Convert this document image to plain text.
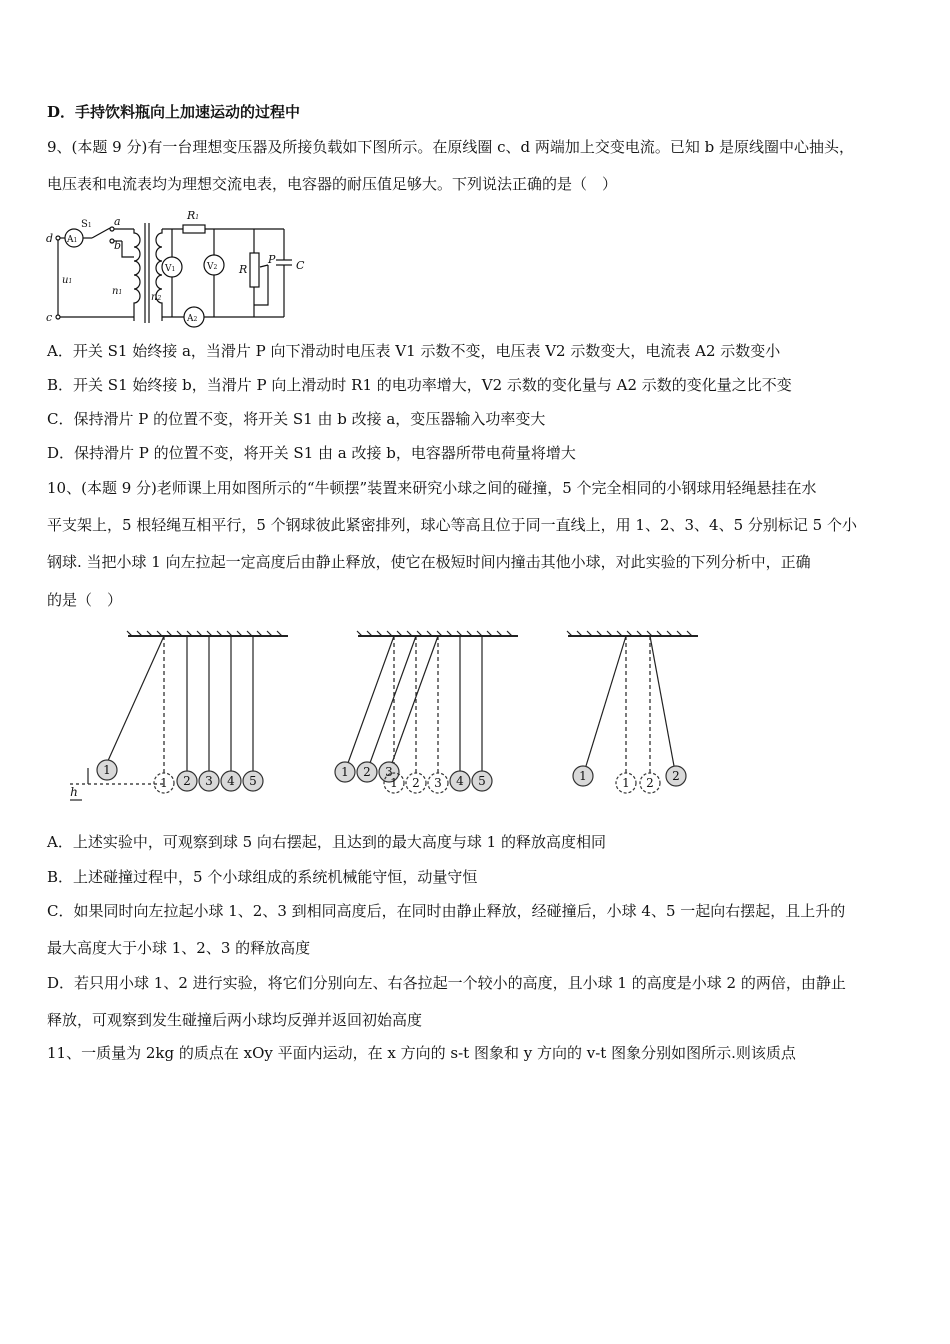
D．手持饮料瓶向上加速运动的过程中
9、(本题 9 分)有一台理想变压器及所接负载如下图所示。在原线圈 c、d 两端加上交变电流。已知 b 是原线圈中心抽头，
电压表和电流表均为理想交流电表，电容器的耐压值足够大。下列说法正确的是（　）
d A1
S1 a
b
u1
n1	n2
V1	V2
R1
R
P C
A2
c
A．开关 S1 始终接 a，当滑片 P 向下滑动时电压表 V1 示数不变，电压表 V2 示数变大，电流表 A2 示数变小
B．开关 S1 始终接 b，当滑片 P 向上滑动时 R1 的电功率增大，V2 示数的变化量与 A2 示数的变化量之比不变
C．保持滑片 P 的位置不变，将开关 S1 由 b 改接 a，变压器输入功率变大
D．保持滑片 P 的位置不变，将开关 S1 由 a 改接 b，电容器所带电荷量将增大
10、(本题 9 分)老师课上用如图所示的“牛顿摆”装置来研究小球之间的碰撞，5 个完全相同的小钢球用轻绳悬挂在水
平支架上，5 根轻绳互相平行，5 个钢球彼此紧密排列，球心等高且位于同一直线上，用 1、2、3、4、5 分别标记 5 个小
钢球. 当把小球 1 向左拉起一定高度后由静止释放，使它在极短时间内撞击其他小球，对此实验的下列分析中，正确
的是（　）
h
1
1 2 3 4 5
1 2 3
1 2 3 4 5	1	1 2 2
A．上述实验中，可观察到球 5 向右摆起，且达到的最大高度与球 1 的释放高度相同
B．上述碰撞过程中，5 个小球组成的系统机械能守恒，动量守恒
C．如果同时向左拉起小球 1、2、3 到相同高度后，在同时由静止释放，经碰撞后，小球 4、5 一起向右摆起，且上升的
最大高度大于小球 1、2、3 的释放高度
D．若只用小球 1、2 进行实验，将它们分别向左、右各拉起一个较小的高度，且小球 1 的高度是小球 2 的两倍，由静止
释放，可观察到发生碰撞后两小球均反弹并返回初始高度
11、一质量为 2kg 的质点在 xOy 平面内运动，在 x 方向的 s-t 图象和 y 方向的 v-t 图象分别如图所示.则该质点
